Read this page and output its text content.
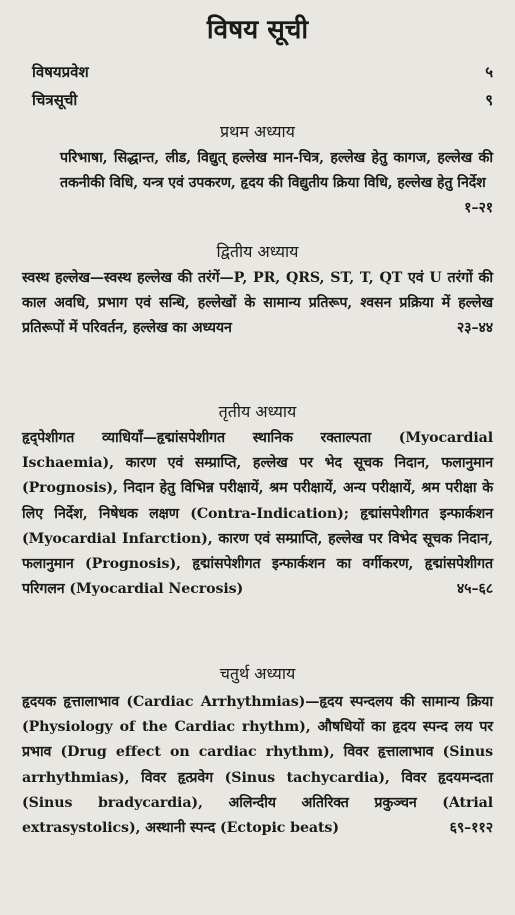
विषय सूची
विषयप्रवेश	५
चित्रसूची	९
प्रथम अध्याय
परिभाषा, सिद्धान्त, लीड, विद्युत् हल्लेख मान-चित्र, हल्लेख हेतु कागज, हल्लेख की तकनीकी विधि, यन्त्र एवं उपकरण, हृदय की विद्युतीय क्रिया विधि, हल्लेख हेतु निर्देश
१–२१
द्वितीय अध्याय
स्वस्थ हल्लेख—स्वस्थ हल्लेख की तरंगें—P, PR, QRS, ST, T, QT एवं U तरंगों की काल अवधि, प्रभाग एवं सन्धि, हल्लेखों के सामान्य प्रतिरूप, श्वसन प्रक्रिया में हल्लेख प्रतिरूपों में परिवर्तन, हल्लेख का अध्ययन	२३–४४
तृतीय अध्याय
हृद्पेशीगत व्याधियाँ—हृद्मांसपेशीगत स्थानिक रक्ताल्पता (Myocardial Ischaemia), कारण एवं सम्प्राप्ति, हल्लेख पर भेद सूचक निदान, फलानुमान (Prognosis), निदान हेतु विभिन्न परीक्षायें, श्रम परीक्षायें, अन्य परीक्षायें, श्रम परीक्षा के लिए निर्देश, निषेधक लक्षण (Contra-Indication); हृद्मांसपेशीगत इन्फार्कशन (Myocardial Infarction), कारण एवं सम्प्राप्ति, हल्लेख पर विभेद सूचक निदान, फलानुमान (Prognosis), हृद्मांसपेशीगत इन्फार्कशन का वर्गीकरण, हृद्मांसपेशीगत परिगलन (Myocardial Necrosis)	४५–६८
चतुर्थ अध्याय
हृदयक हृत्तालाभाव (Cardiac Arrhythmias)—हृदय स्पन्दलय की सामान्य क्रिया (Physiology of the Cardiac rhythm), औषधियों का हृदय स्पन्द लय पर प्रभाव (Drug effect on cardiac rhythm), विवर हृत्तालाभाव (Sinus arrhythmias), विवर हृत्प्रवेग (Sinus tachycardia), विवर हृदयमन्दता (Sinus bradycardia), अलिन्दीय अतिरिक्त प्रकुञ्चन (Atrial extrasystolics), अस्थानी स्पन्द (Ectopic beats)	६९–११२
